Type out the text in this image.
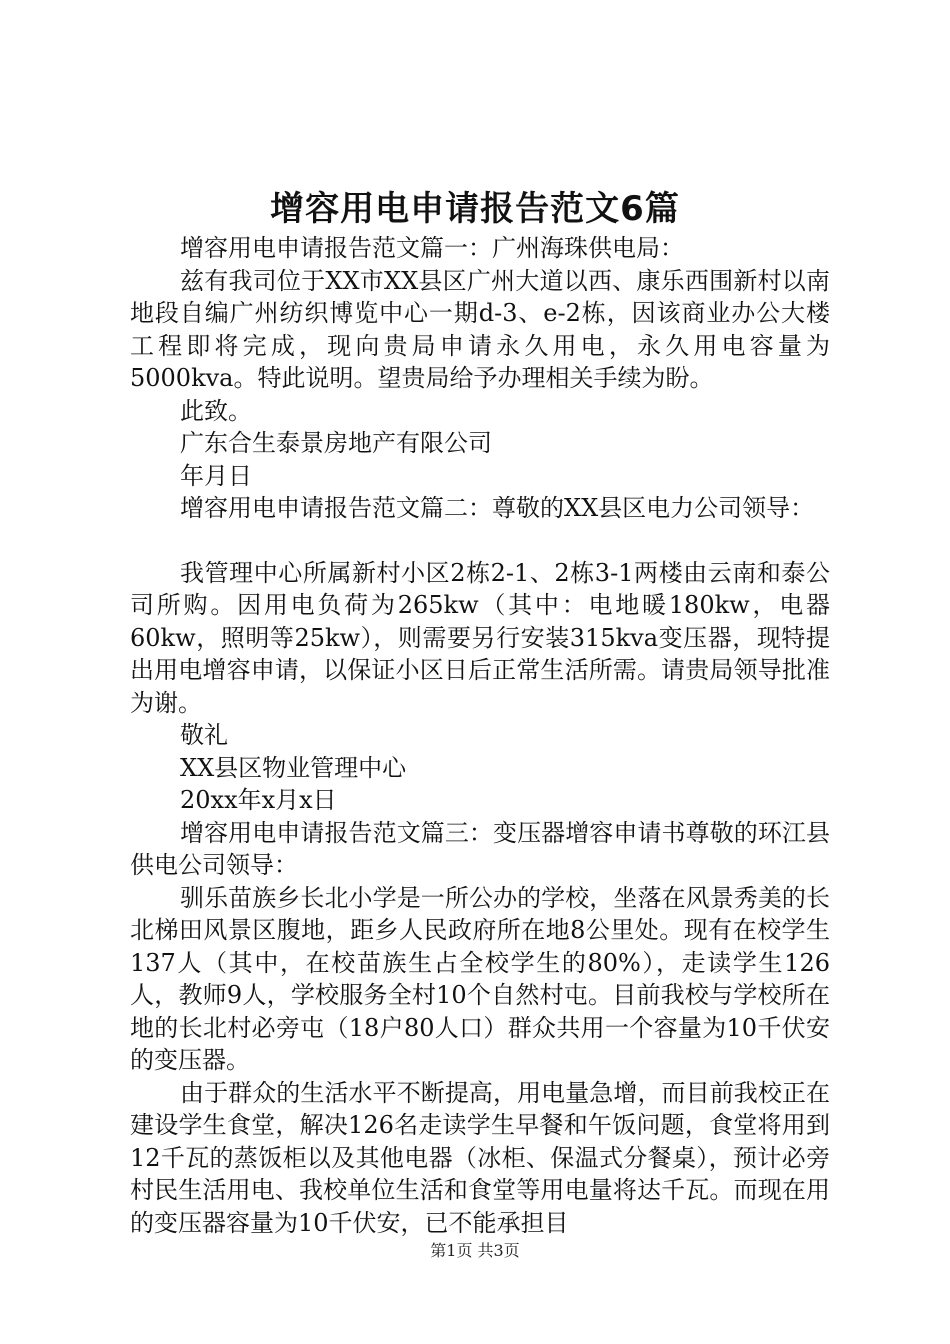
增容用电申请报告范文6篇

增容用电申请报告范文篇一：广州海珠供电局：

兹有我司位于XX市XX县区广州大道以西、康乐西围新村以南地段自编广州纺织博览中心一期d-3、e-2栋，因该商业办公大楼工程即将完成，现向贵局申请永久用电，永久用电容量为5000kva。特此说明。望贵局给予办理相关手续为盼。

此致。

广东合生泰景房地产有限公司

年月日

增容用电申请报告范文篇二：尊敬的XX县区电力公司领导：

我管理中心所属新村小区2栋2-1、2栋3-1两楼由云南和泰公司所购。因用电负荷为265kw（其中：电地暖180kw，电器60kw，照明等25kw），则需要另行安装315kva变压器，现特提出用电增容申请，以保证小区日后正常生活所需。请贵局领导批准为谢。

敬礼

XX县区物业管理中心

20xx年x月x日

增容用电申请报告范文篇三：变压器增容申请书尊敬的环江县供电公司领导：

驯乐苗族乡长北小学是一所公办的学校，坐落在风景秀美的长北梯田风景区腹地，距乡人民政府所在地8公里处。现有在校学生137人（其中，在校苗族生占全校学生的80%），走读学生126人，教师9人，学校服务全村10个自然村屯。目前我校与学校所在地的长北村必旁屯（18户80人口）群众共用一个容量为10千伏安的变压器。

由于群众的生活水平不断提高，用电量急增，而目前我校正在建设学生食堂，解决126名走读学生早餐和午饭问题，食堂将用到12千瓦的蒸饭柜以及其他电器（冰柜、保温式分餐桌），预计必旁村民生活用电、我校单位生活和食堂等用电量将达千瓦。而现在用的变压器容量为10千伏安，已不能承担目

第1页 共3页
